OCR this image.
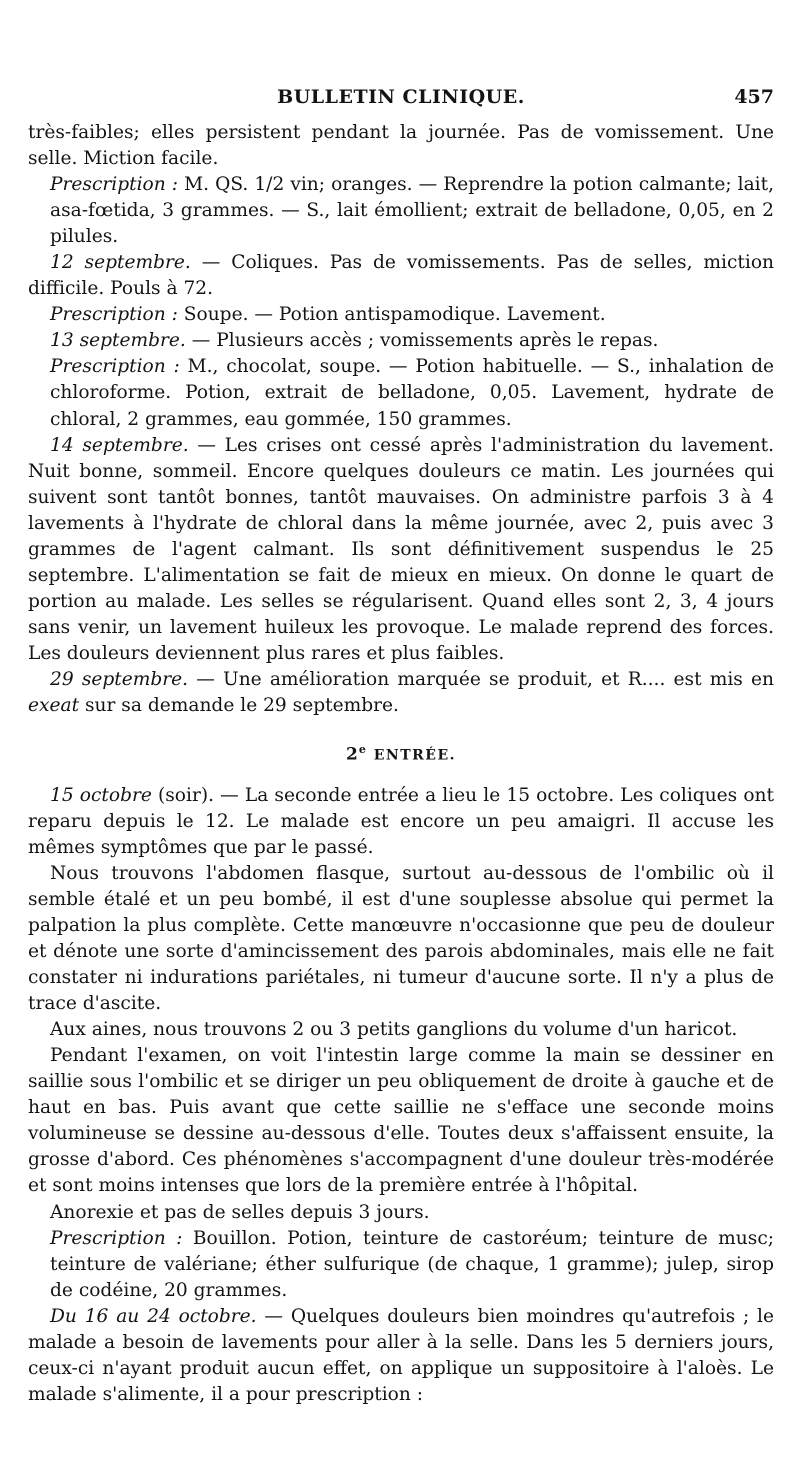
BULLETIN CLINIQUE.	457

très-faibles; elles persistent pendant la journée. Pas de vomissement. Une selle. Miction facile.

Prescription : M. QS. 1/2 vin; oranges. — Reprendre la potion calmante; lait, asa-fœtida, 3 grammes. — S., lait émollient; extrait de belladone, 0,05, en 2 pilules.

12 septembre. — Coliques. Pas de vomissements. Pas de selles, miction difficile. Pouls à 72.

Prescription : Soupe. — Potion antispamodique. Lavement.

13 septembre. — Plusieurs accès ; vomissements après le repas.

Prescription : M., chocolat, soupe. — Potion habituelle. — S., inhalation de chloroforme. Potion, extrait de belladone, 0,05. Lavement, hydrate de chloral, 2 grammes, eau gommée, 150 grammes.

14 septembre. — Les crises ont cessé après l'administration du lavement. Nuit bonne, sommeil. Encore quelques douleurs ce matin. Les journées qui suivent sont tantôt bonnes, tantôt mauvaises. On administre parfois 3 à 4 lavements à l'hydrate de chloral dans la même journée, avec 2, puis avec 3 grammes de l'agent calmant. Ils sont définitivement suspendus le 25 septembre. L'alimentation se fait de mieux en mieux. On donne le quart de portion au malade. Les selles se régularisent. Quand elles sont 2, 3, 4 jours sans venir, un lavement huileux les provoque. Le malade reprend des forces. Les douleurs deviennent plus rares et plus faibles.

29 septembre. — Une amélioration marquée se produit, et R.... est mis en exeat sur sa demande le 29 septembre.

2e ENTRÉE.

15 octobre (soir). — La seconde entrée a lieu le 15 octobre. Les coliques ont reparu depuis le 12. Le malade est encore un peu amaigri. Il accuse les mêmes symptômes que par le passé.

Nous trouvons l'abdomen flasque, surtout au-dessous de l'ombilic où il semble étalé et un peu bombé, il est d'une souplesse absolue qui permet la palpation la plus complète. Cette manœuvre n'occasionne que peu de douleur et dénote une sorte d'amincissement des parois abdominales, mais elle ne fait constater ni indurations pariétales, ni tumeur d'aucune sorte. Il n'y a plus de trace d'ascite.

Aux aines, nous trouvons 2 ou 3 petits ganglions du volume d'un haricot.

Pendant l'examen, on voit l'intestin large comme la main se dessiner en saillie sous l'ombilic et se diriger un peu obliquement de droite à gauche et de haut en bas. Puis avant que cette saillie ne s'efface une seconde moins volumineuse se dessine au-dessous d'elle. Toutes deux s'affaissent ensuite, la grosse d'abord. Ces phénomènes s'accompagnent d'une douleur très-modérée et sont moins intenses que lors de la première entrée à l'hôpital.

Anorexie et pas de selles depuis 3 jours.

Prescription : Bouillon. Potion, teinture de castoréum; teinture de musc; teinture de valériane; éther sulfurique (de chaque, 1 gramme); julep, sirop de codéine, 20 grammes.

Du 16 au 24 octobre. — Quelques douleurs bien moindres qu'autrefois ; le malade a besoin de lavements pour aller à la selle. Dans les 5 derniers jours, ceux-ci n'ayant produit aucun effet, on applique un suppositoire à l'aloès. Le malade s'alimente, il a pour prescription :
